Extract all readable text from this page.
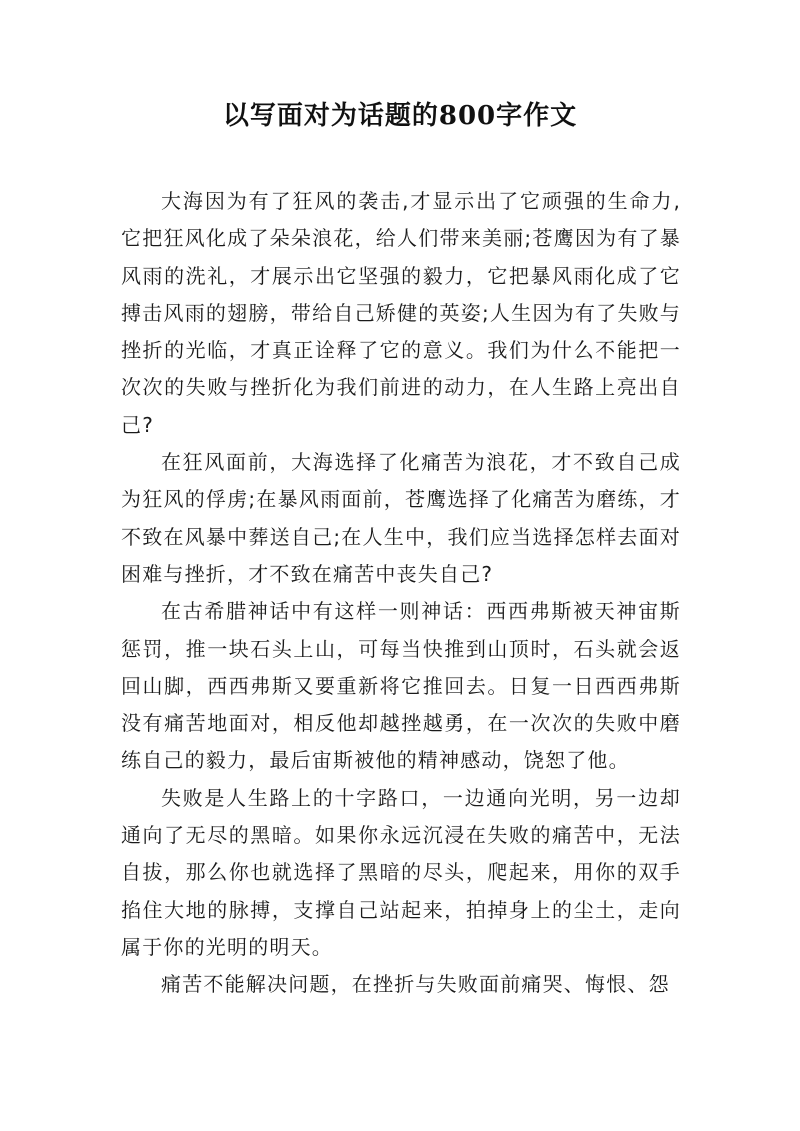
以写面对为话题的800字作文

大海因为有了狂风的袭击,才显示出了它顽强的生命力,它把狂风化成了朵朵浪花，给人们带来美丽;苍鹰因为有了暴风雨的洗礼，才展示出它坚强的毅力，它把暴风雨化成了它搏击风雨的翅膀，带给自己矫健的英姿;人生因为有了失败与挫折的光临，才真正诠释了它的意义。我们为什么不能把一次次的失败与挫折化为我们前进的动力，在人生路上亮出自己?

在狂风面前，大海选择了化痛苦为浪花，才不致自己成为狂风的俘虏;在暴风雨面前，苍鹰选择了化痛苦为磨练，才不致在风暴中葬送自己;在人生中，我们应当选择怎样去面对困难与挫折，才不致在痛苦中丧失自己?

在古希腊神话中有这样一则神话：西西弗斯被天神宙斯惩罚，推一块石头上山，可每当快推到山顶时，石头就会返回山脚，西西弗斯又要重新将它推回去。日复一日西西弗斯没有痛苦地面对，相反他却越挫越勇，在一次次的失败中磨练自己的毅力，最后宙斯被他的精神感动，饶恕了他。

失败是人生路上的十字路口，一边通向光明，另一边却通向了无尽的黑暗。如果你永远沉浸在失败的痛苦中，无法自拔，那么你也就选择了黑暗的尽头，爬起来，用你的双手掐住大地的脉搏，支撑自己站起来，拍掉身上的尘土，走向属于你的光明的明天。

痛苦不能解决问题，在挫折与失败面前痛哭、悔恨、怨
